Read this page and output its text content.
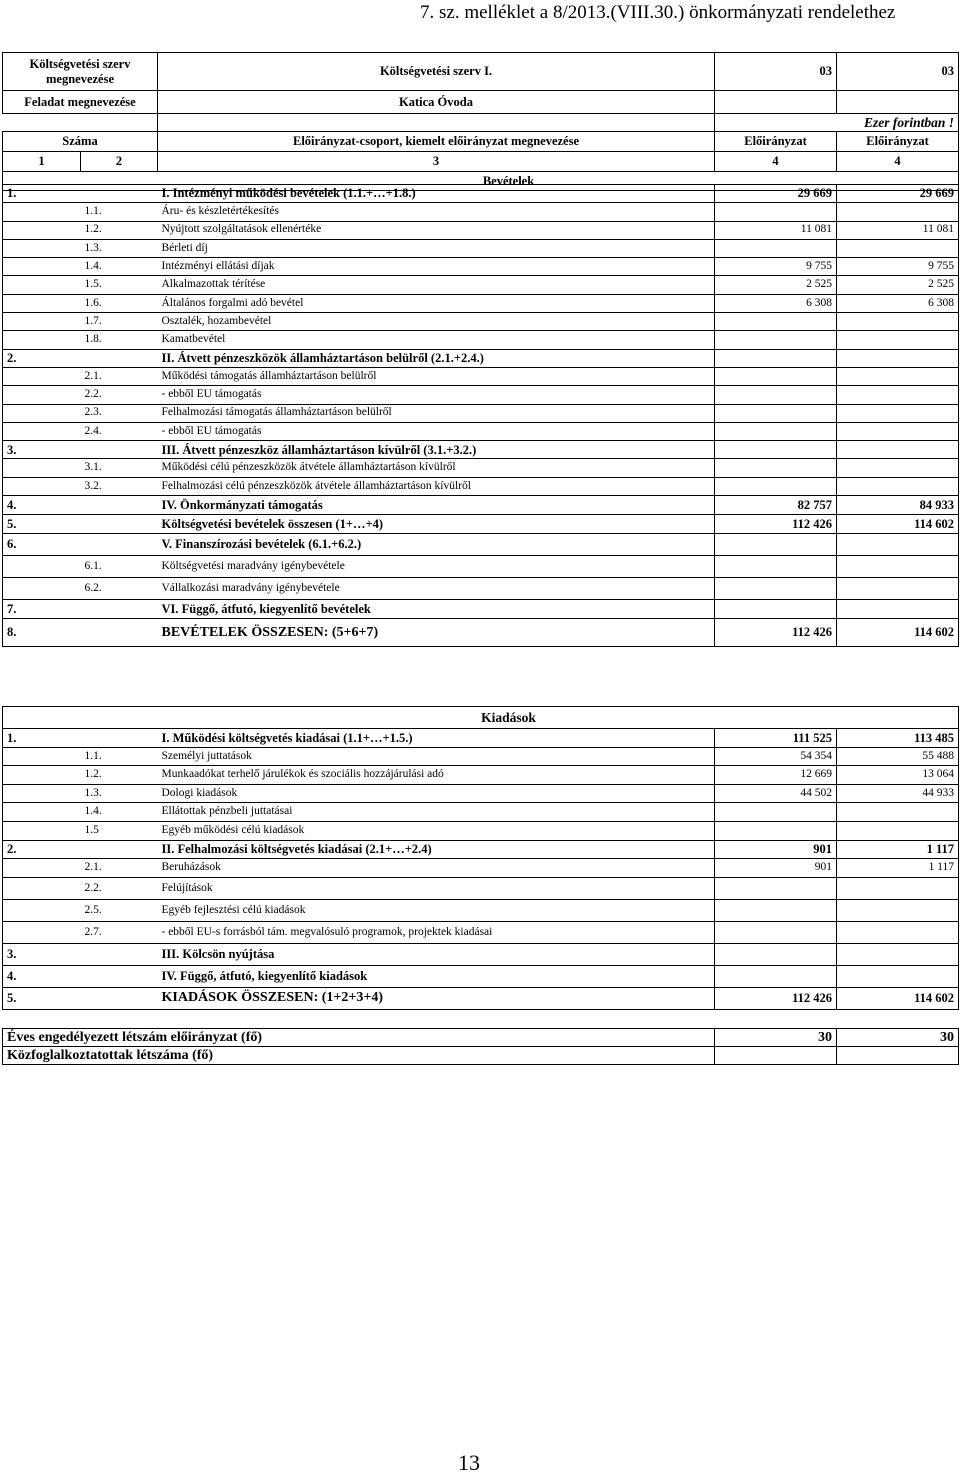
7. sz. melléklet a 8/2013.(VIII.30.) önkormányzati rendelethez
Költségvetési szerv megnevezése		Költségvetési szerv I.	03	03
Feladat megnevezése		Katica Óvoda		
			Ezer forintban !	
Száma		Előirányzat-csoport, kiemelt előirányzat megnevezése	Előirányzat	Előirányzat
1	2	3	4	4
Bevételek				
1.		I. Intézményi működési bevételek (1.1.+…+1.8.)	29 669	29 669
	1.1.	Áru- és készletértékesítés		
	1.2.	Nyújtott szolgáltatások ellenértéke	11 081	11 081
	1.3.	Bérleti díj		
	1.4.	Intézményi ellátási díjak	9 755	9 755
	1.5.	Alkalmazottak térítése	2 525	2 525
	1.6.	Általános forgalmi adó bevétel	6 308	6 308
	1.7.	Osztalék, hozambevétel		
	1.8.	Kamatbevétel		
2.		II. Átvett pénzeszközök államháztartáson belülről (2.1.+2.4.)		
	2.1.	Működési támogatás államháztartáson belülről		
	2.2.	- ebből EU támogatás		
	2.3.	Felhalmozási támogatás államháztartáson belülről		
	2.4.	- ebből EU támogatás		
3.		III. Átvett pénzeszköz államháztartáson kívülről (3.1.+3.2.)		
	3.1.	Működési célú pénzeszközök átvétele államháztartáson kívülről		
	3.2.	Felhalmozási célú pénzeszközök átvétele államháztartáson kívülről		
4.		IV. Önkormányzati támogatás	82 757	84 933
5.		Költségvetési bevételek összesen (1+…+4)	112 426	114 602
6.		V. Finanszírozási bevételek (6.1.+6.2.)		
	6.1.	Költségvetési maradvány igénybevétele		
	6.2.	Vállalkozási maradvány igénybevétele		
7.		VI. Függő, átfutó, kiegyenlítő bevételek		
8.		BEVÉTELEK ÖSSZESEN: (5+6+7)	112 426	114 602
Kiadások				
1.		I. Működési költségvetés kiadásai (1.1+…+1.5.)	111 525	113 485
	1.1.	Személyi juttatások	54 354	55 488
	1.2.	Munkaadókat terhelő járulékok és szociális hozzájárulási adó	12 669	13 064
	1.3.	Dologi kiadások	44 502	44 933
	1.4.	Ellátottak pénzbeli juttatásai		
	1.5	Egyéb működési célú kiadások		
2.		II. Felhalmozási költségvetés kiadásai (2.1+…+2.4)	901	1 117
	2.1.	Beruházások	901	1 117
	2.2.	Felújítások		
	2.5.	Egyéb fejlesztési célú kiadások		
	2.7.	- ebből EU-s forrásból tám. megvalósuló programok, projektek kiadásai		
3.		III. Kölcsön nyújtása		
4.		IV. Függő, átfutó, kiegyenlítő kiadások		
5.		KIADÁSOK ÖSSZESEN: (1+2+3+4)	112 426	114 602
Éves engedélyezett létszám előirányzat (fő)	30	30
Közfoglalkoztatottak létszáma (fő)		
13
